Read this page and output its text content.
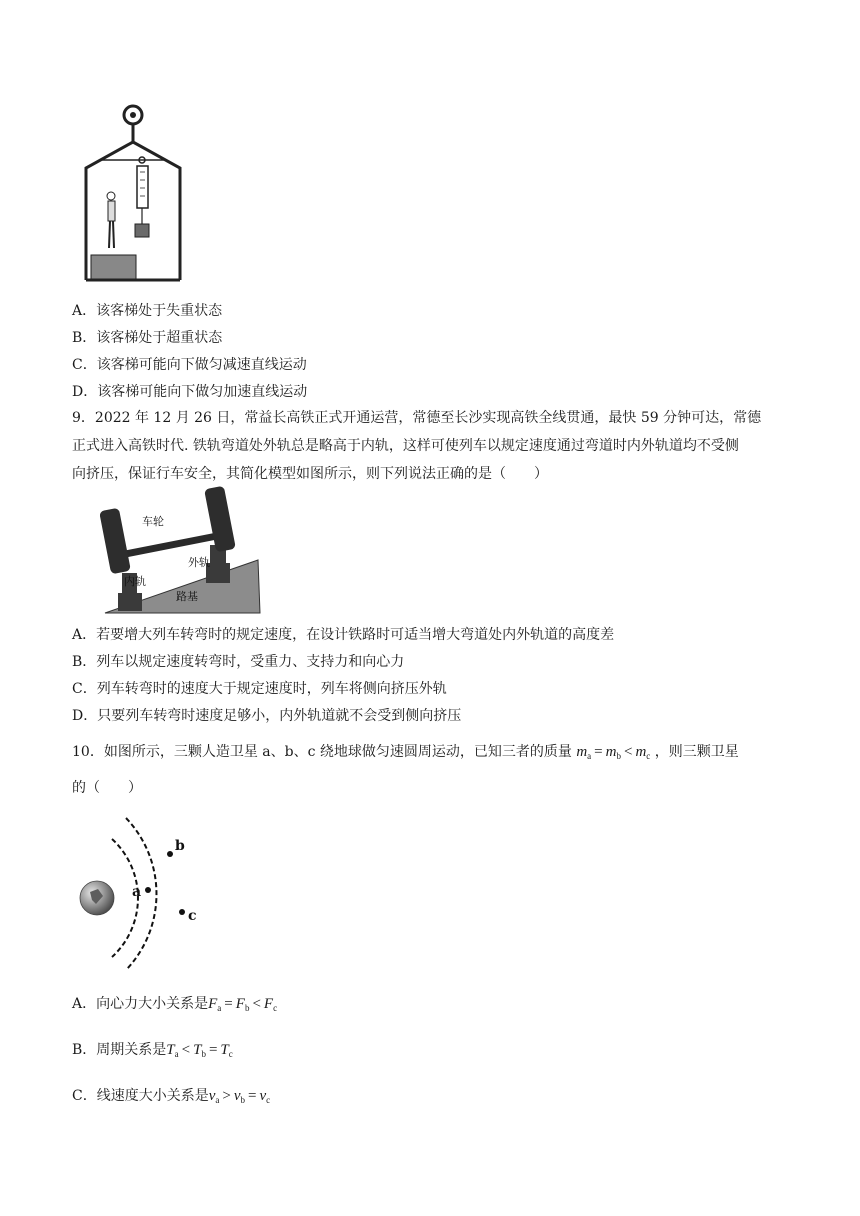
A．该客梯处于失重状态
B．该客梯处于超重状态
C．该客梯可能向下做匀减速直线运动
D．该客梯可能向下做匀加速直线运动

9．2022 年 12 月 26 日，常益长高铁正式开通运营，常德至长沙实现高铁全线贯通，最快 59 分钟可达，常德

正式进入高铁时代. 铁轨弯道处外轨总是略高于内轨，这样可使列车以规定速度通过弯道时内外轨道均不受侧

向挤压，保证行车安全，其简化模型如图所示，则下列说法正确的是（　　）

车轮
外轨
内轨
路基
A．若要增大列车转弯时的规定速度，在设计铁路时可适当增大弯道处内外轨道的高度差
B．列车以规定速度转弯时，受重力、支持力和向心力
C．列车转弯时的速度大于规定速度时，列车将侧向挤压外轨
D．只要列车转弯时速度足够小，内外轨道就不会受到侧向挤压
10．如图所示，三颗人造卫星 a、b、c 绕地球做匀速圆周运动，已知三者的质量 $m_a = m_b < m_c$ ，则三颗卫星
的（　　）
a
b
c
A．向心力大小关系是$F_a = F_b < F_c$
B．周期关系是$T_a < T_b = T_c$
C．线速度大小关系是$v_a > v_b = v_c$
